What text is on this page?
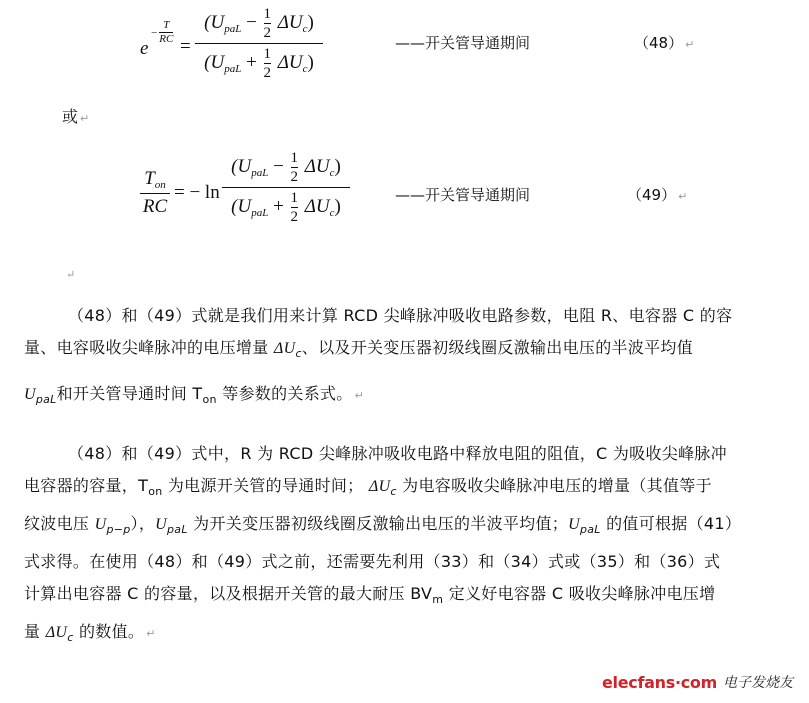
e
− $\frac{T}{RC}$
=
$(U_{paL} - \frac{1}{2} \Delta U_c)$
$(U_{paL} + \frac{1}{2} \Delta U_c)$
——开关管导通期间	（48） ↵
或 ↵
$T_{on}$
RC
= − ln
$(U_{paL} - \frac{1}{2} \Delta U_c)$
$(U_{paL} + \frac{1}{2} \Delta U_c)$
——开关管导通期间	（49） ↵
↵
（48）和（49）式就是我们用来计算 RCD 尖峰脉冲吸收电路参数，电阻 R、电容器 C 的容
量、电容吸收尖峰脉冲的电压增量 $\Delta U_c$、以及开关变压器初级线圈反激输出电压的半波平均值
$U_{paL}$和开关管导通时间 $T_{on}$ 等参数的关系式。 ↵
（48）和（49）式中，R 为 RCD 尖峰脉冲吸收电路中释放电阻的阻值，C 为吸收尖峰脉冲
电容器的容量，$T_{on}$ 为电源开关管的导通时间； $\Delta U_c$ 为电容吸收尖峰脉冲电压的增量（其值等于
纹波电压 $U_{p-p}$），$U_{paL}$ 为开关变压器初级线圈反激输出电压的半波平均值；$U_{paL}$ 的值可根据（41）
式求得。在使用（48）和（49）式之前，还需要先利用（33）和（34）式或（35）和（36）式
计算出电容器 C 的容量，以及根据开关管的最大耐压 $BV_m$ 定义好电容器 C 吸收尖峰脉冲电压增
量 $\Delta U_c$ 的数值。 ↵
elecfans·com 电子发烧友
